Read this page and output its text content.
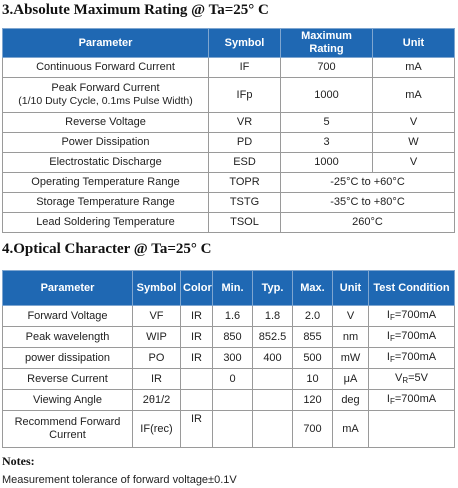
3.Absolute Maximum Rating @ Ta=25° C
Parameter	Symbol	Maximum Rating	Unit
Continuous Forward Current	IF	700	mA

Peak Forward Current
(1/10 Duty Cycle, 0.1ms Pulse Width)	IFp	1000	mA
Reverse Voltage	VR	5	V
Power Dissipation	PD	3	W
Electrostatic Discharge	ESD	1000	V
Operating Temperature Range	TOPR	-25°C to +60°C	
Storage Temperature Range	TSTG	-35°C to +80°C	
Lead Soldering Temperature	TSOL	260°C	
4.Optical Character @ Ta=25° C
Parameter	Symbol	Color	Min.	Typ.	Max.	Unit	Test Condition
Forward Voltage	VF	IR	1.6	1.8	2.0	V	$I_F=700mA$
Peak wavelength	WIP	IR	850	852.5	855	nm	$I_F=700mA$
power dissipation	PO	IR	300	400	500	mW	$I_F=700mA$
Reverse Current	IR		0		10	μA	$V_R=5V$
Viewing Angle	2θ1/2				120	deg	$I_F=700mA$
Recommend Forward Current	IF(rec)	IR			700	mA	
Notes:
Measurement tolerance of forward voltage±0.1V
